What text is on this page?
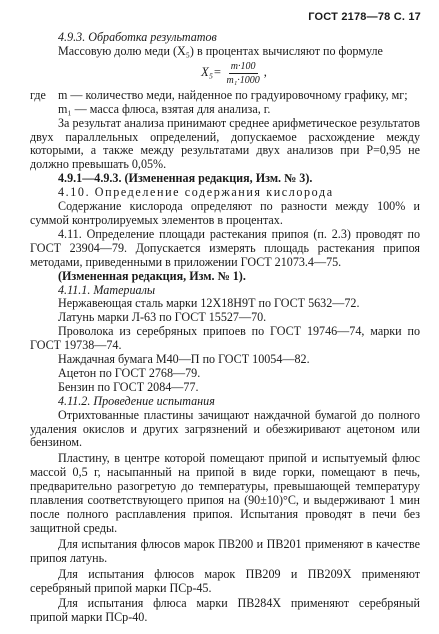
ГОСТ 2178—78 С. 17

4.9.3. Обработка результатов

Массовую долю меди (X₅) в процентах вычисляют по формуле

$X_5= \frac{m\cdot 100}{\text{m₁·1000}}$ ,
где	m — количество меди, найденное по градуировочному графику, мг;

m₁ — масса флюса, взятая для анализа, г.

За результат анализа принимают среднее арифметическое результатов двух параллельных определений, допускаемое расхождение между которыми, а также между результатами двух анализов при P=0,95 не должно превышать 0,05%.

4.9.1—4.9.3. (Измененная редакция, Изм. № 3).

4.10. Определение содержания кислорода

Содержание кислорода определяют по разности между 100% и суммой контролируемых элементов в процентах.

4.11. Определение площади растекания припоя (п. 2.3) проводят по ГОСТ 23904—79. Допускается измерять площадь растекания припоя методами, приведенными в приложении ГОСТ 21073.4—75.

(Измененная редакция, Изм. № 1).

4.11.1. Материалы

Нержавеющая сталь марки 12Х18Н9Т по ГОСТ 5632—72.

Латунь марки Л-63 по ГОСТ 15527—70.

Проволока из серебряных припоев по ГОСТ 19746—74, марки по ГОСТ 19738—74.

Наждачная бумага М40—П по ГОСТ 10054—82.

Ацетон по ГОСТ 2768—79.

Бензин по ГОСТ 2084—77.

4.11.2. Проведение испытания

Отрихтованные пластины зачищают наждачной бумагой до полного удаления окислов и других загрязнений и обезжиривают ацетоном или бензином.

Пластину, в центре которой помещают припой и испытуемый флюс массой 0,5 г, насыпанный на припой в виде горки, помещают в печь, предварительно разогретую до температуры, превышающей температуру плавления соответствующего припоя на (90±10)°С, и выдерживают 1 мин после полного расплавления припоя. Испытания проводят в печи без защитной среды.

Для испытания флюсов марок ПВ200 и ПВ201 применяют в качестве припоя латунь.

Для испытания флюсов марок ПВ209 и ПВ209Х применяют серебряный припой марки ПСр-45.

Для испытания флюса марки ПВ284Х применяют серебряный припой марки ПСр-40.
